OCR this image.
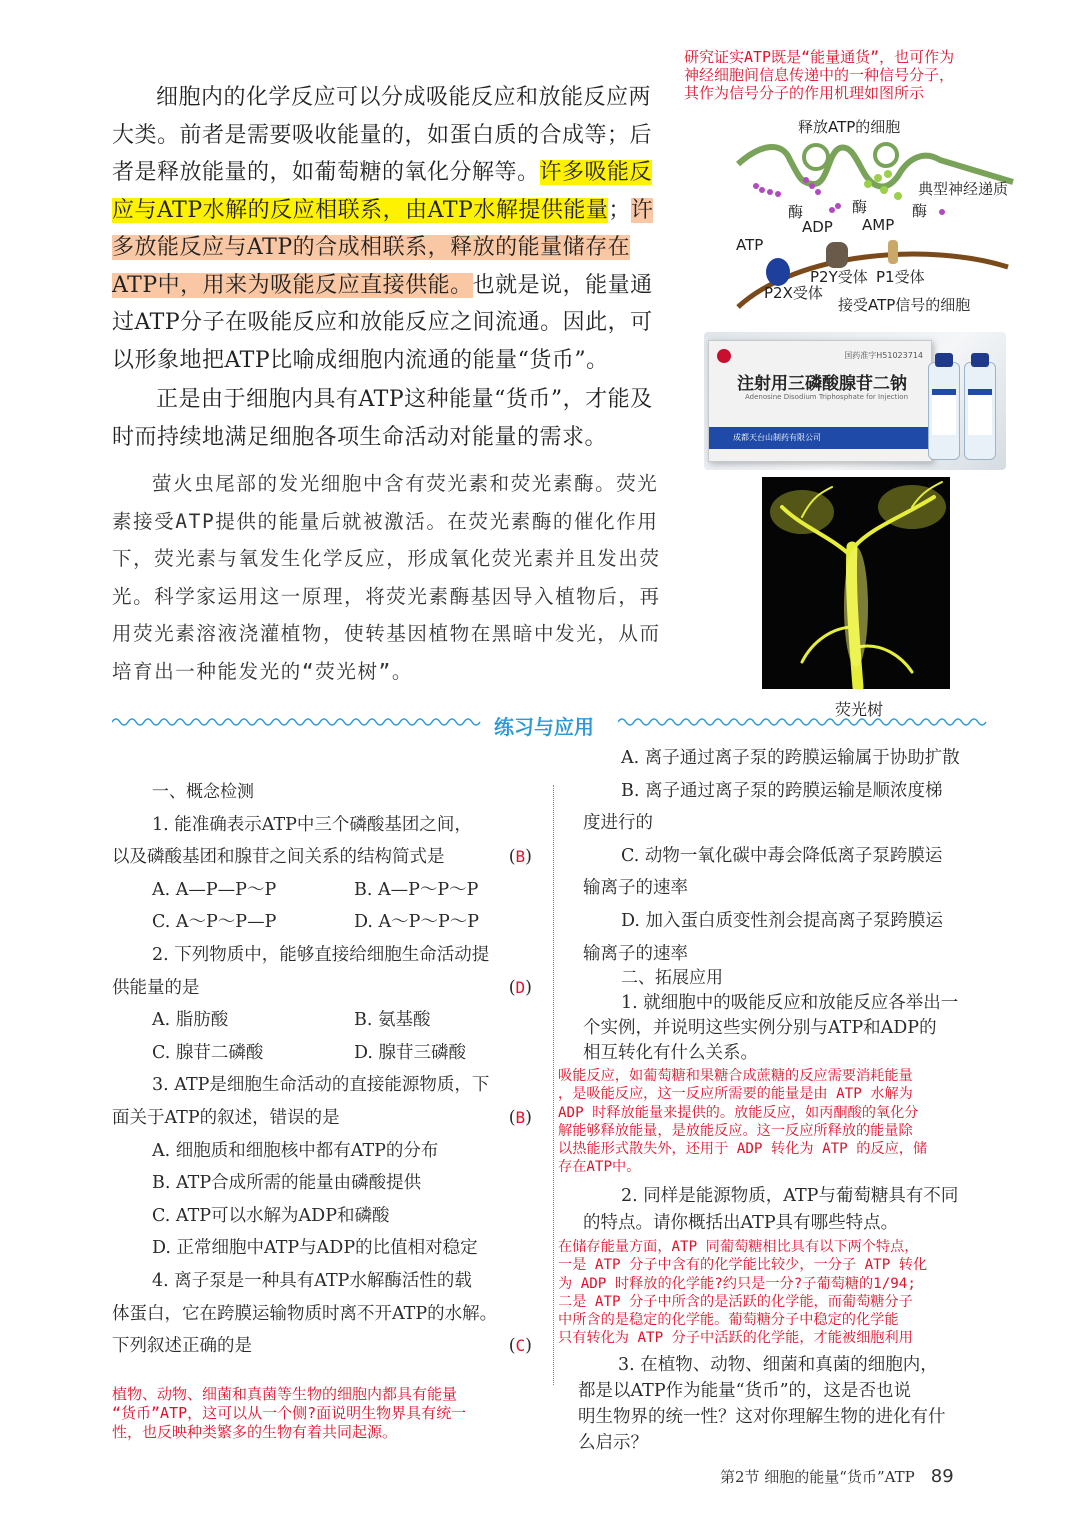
研究证实ATP既是“能量通货”，也可作为
神经细胞间信息传递中的一种信号分子，
其作为信号分子的作用机理如图所示

细胞内的化学反应可以分成吸能反应和放能反应两大类。前者是需要吸收能量的，如蛋白质的合成等；后者是释放能量的，如葡萄糖的氧化分解等。许多吸能反应与ATP水解的反应相联系，由ATP水解提供能量；许多放能反应与ATP的合成相联系，释放的能量储存在ATP中，用来为吸能反应直接供能。也就是说，能量通过ATP分子在吸能反应和放能反应之间流通。因此，可以形象地把ATP比喻成细胞内流通的能量“货币”。

正是由于细胞内具有ATP这种能量“货币”，才能及时而持续地满足细胞各项生命活动对能量的需求。

萤火虫尾部的发光细胞中含有荧光素和荧光素酶。荧光素接受ATP提供的能量后就被激活。在荧光素酶的催化作用下，荧光素与氧发生化学反应，形成氧化荧光素并且发出荧光。科学家运用这一原理，将荧光素酶基因导入植物后，再用荧光素溶液浇灌植物，使转基因植物在黑暗中发光，从而培育出一种能发光的“荧光树”。
释放ATP的细胞
典型神经递质
酶	酶	酶
ADP AMP
ATP
P2Y受体 P1受体
P2X受体
接受ATP信号的细胞
国药准字H51023714
注射用三磷酸腺苷二钠
Adenosine Disodium Triphosphate for Injection
成都天台山制药有限公司
荧光树
练习与应用

一、概念检测

1. 能准确表示ATP中三个磷酸基团之间，

以及磷酸基团和腺苷之间关系的结构简式是	(B)

A. A—P—P～P	B. A—P～P～P

C. A～P～P—P	D. A～P～P～P

2. 下列物质中，能够直接给细胞生命活动提

供能量的是	(D)

A. 脂肪酸	B. 氨基酸

C. 腺苷二磷酸	D. 腺苷三磷酸

3. ATP是细胞生命活动的直接能源物质，下

面关于ATP的叙述，错误的是	(B)

A. 细胞质和细胞核中都有ATP的分布

B. ATP合成所需的能量由磷酸提供

C. ATP可以水解为ADP和磷酸

D. 正常细胞中ATP与ADP的比值相对稳定

4. 离子泵是一种具有ATP水解酶活性的载

体蛋白，它在跨膜运输物质时离不开ATP的水解。

下列叙述正确的是	(C)

植物、动物、细菌和真菌等生物的细胞内都具有能量
“货币”ATP，这可以从一个侧?面说明生物界具有统一
性，也反映种类繁多的生物有着共同起源。

A. 离子通过离子泵的跨膜运输属于协助扩散

B. 离子通过离子泵的跨膜运输是顺浓度梯

度进行的

C. 动物一氧化碳中毒会降低离子泵跨膜运

输离子的速率

D. 加入蛋白质变性剂会提高离子泵跨膜运

输离子的速率

二、拓展应用

1. 就细胞中的吸能反应和放能反应各举出一

个实例，并说明这些实例分别与ATP和ADP的

相互转化有什么关系。

吸能反应，如葡萄糖和果糖合成蔗糖的反应需要消耗能量
，是吸能反应，这一反应所需要的能量是由 ATP 水解为
ADP 时释放能量来提供的。放能反应，如丙酮酸的氧化分
解能够释放能量，是放能反应。这一反应所释放的能量除
以热能形式散失外，还用于 ADP 转化为 ATP 的反应，储
存在ATP中。

2. 同样是能源物质，ATP与葡萄糖具有不同

的特点。请你概括出ATP具有哪些特点。

在储存能量方面，ATP 同葡萄糖相比具有以下两个特点，
一是 ATP 分子中含有的化学能比较少，一分子 ATP 转化
为 ADP 时释放的化学能?约只是一分?子葡萄糖的1/94;
二是 ATP 分子中所含的是活跃的化学能，而葡萄糖分子
中所含的是稳定的化学能。葡萄糖分子中稳定的化学能
只有转化为 ATP 分子中活跃的化学能，才能被细胞利用

3. 在植物、动物、细菌和真菌的细胞内，

都是以ATP作为能量“货币”的，这是否也说

明生物界的统一性？这对你理解生物的进化有什

么启示？

第2节 细胞的能量“货币”ATP 89
